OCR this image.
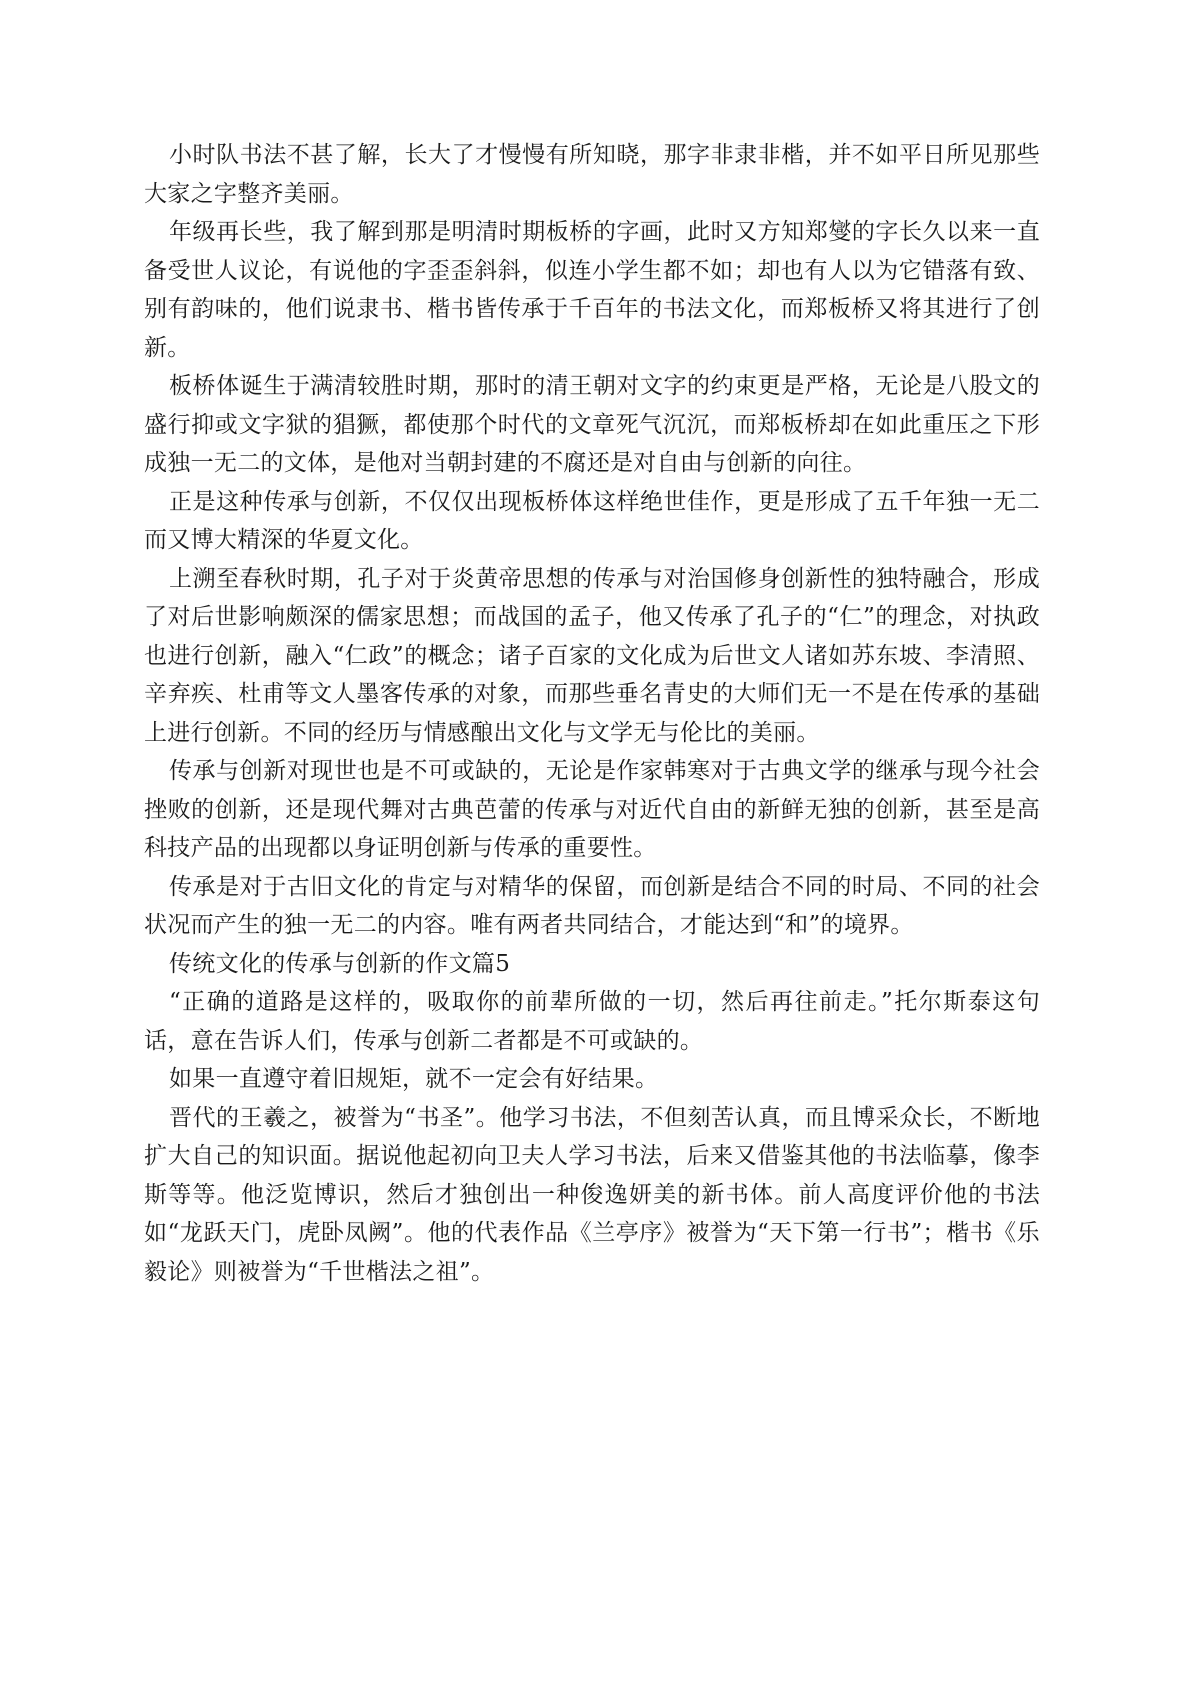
小时队书法不甚了解，长大了才慢慢有所知晓，那字非隶非楷，并不如平日所见那些大家之字整齐美丽。

年级再长些，我了解到那是明清时期板桥的字画，此时又方知郑燮的字长久以来一直备受世人议论，有说他的字歪歪斜斜，似连小学生都不如；却也有人以为它错落有致、别有韵味的，他们说隶书、楷书皆传承于千百年的书法文化，而郑板桥又将其进行了创新。

板桥体诞生于满清较胜时期，那时的清王朝对文字的约束更是严格，无论是八股文的盛行抑或文字狱的猖獗，都使那个时代的文章死气沉沉，而郑板桥却在如此重压之下形成独一无二的文体，是他对当朝封建的不腐还是对自由与创新的向往。

正是这种传承与创新，不仅仅出现板桥体这样绝世佳作，更是形成了五千年独一无二而又博大精深的华夏文化。

上溯至春秋时期，孔子对于炎黄帝思想的传承与对治国修身创新性的独特融合，形成了对后世影响颇深的儒家思想；而战国的孟子，他又传承了孔子的“仁”的理念，对执政也进行创新，融入“仁政”的概念；诸子百家的文化成为后世文人诸如苏东坡、李清照、辛弃疾、杜甫等文人墨客传承的对象，而那些垂名青史的大师们无一不是在传承的基础上进行创新。不同的经历与情感酿出文化与文学无与伦比的美丽。

传承与创新对现世也是不可或缺的，无论是作家韩寒对于古典文学的继承与现今社会挫败的创新，还是现代舞对古典芭蕾的传承与对近代自由的新鲜无独的创新，甚至是高科技产品的出现都以身证明创新与传承的重要性。

传承是对于古旧文化的肯定与对精华的保留，而创新是结合不同的时局、不同的社会状况而产生的独一无二的内容。唯有两者共同结合，才能达到“和”的境界。

传统文化的传承与创新的作文篇5

“正确的道路是这样的，吸取你的前辈所做的一切，然后再往前走。”托尔斯泰这句话，意在告诉人们，传承与创新二者都是不可或缺的。

如果一直遵守着旧规矩，就不一定会有好结果。

晋代的王羲之，被誉为“书圣”。他学习书法，不但刻苦认真，而且博采众长，不断地扩大自己的知识面。据说他起初向卫夫人学习书法，后来又借鉴其他的书法临摹，像李斯等等。他泛览博识，然后才独创出一种俊逸妍美的新书体。前人高度评价他的书法如“龙跃天门，虎卧凤阙”。他的代表作品《兰亭序》被誉为“天下第一行书”；楷书《乐毅论》则被誉为“千世楷法之祖”。
